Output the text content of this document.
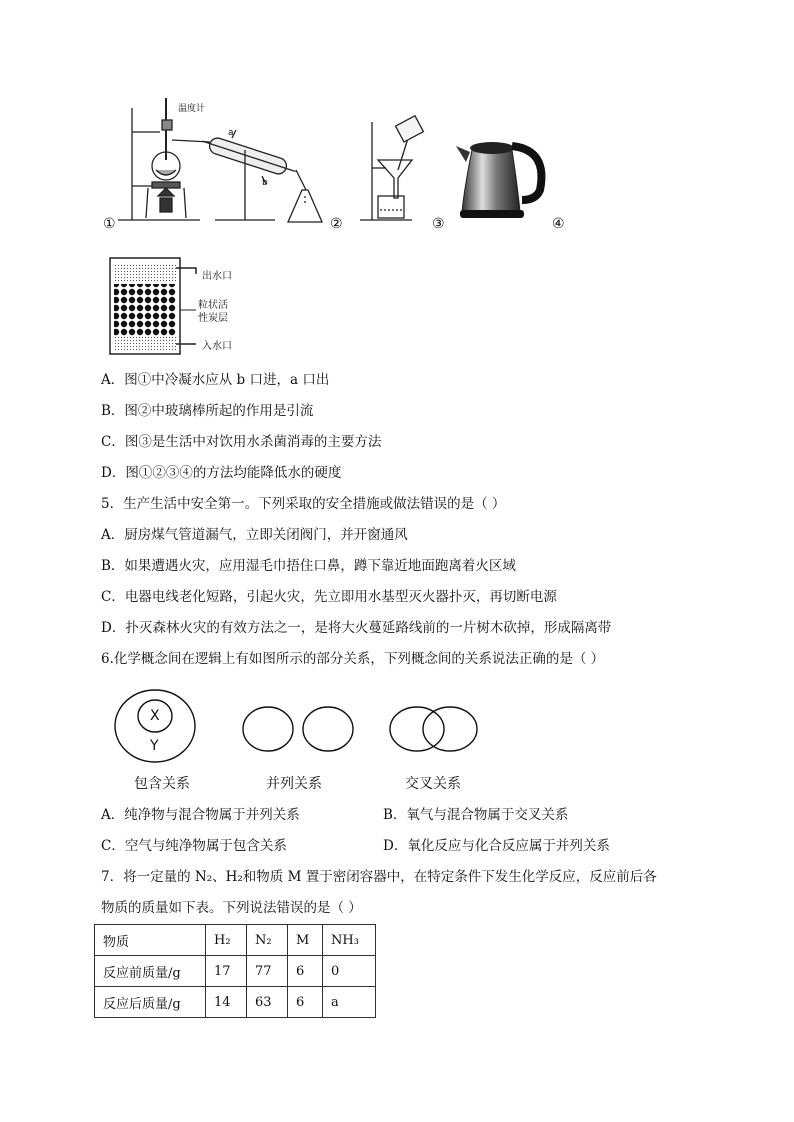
温度计
a
b
①	②	③	④
出水口
粒状活
性炭层
入水口
A．图①中冷凝水应从 b 口进，a 口出
B．图②中玻璃棒所起的作用是引流
C．图③是生活中对饮用水杀菌消毒的主要方法
D．图①②③④的方法均能降低水的硬度
5．生产生活中安全第一。下列采取的安全措施或做法错误的是（ ）
A．厨房煤气管道漏气，立即关闭阀门，并开窗通风
B．如果遭遇火灾，应用湿毛巾捂住口鼻，蹲下靠近地面跑离着火区域
C．电器电线老化短路，引起火灾，先立即用水基型灭火器扑灭，再切断电源
D．扑灭森林火灾的有效方法之一，是将大火蔓延路线前的一片树木砍掉，形成隔离带
6.化学概念间在逻辑上有如图所示的部分关系，下列概念间的关系说法正确的是（ ）
X
Y
包含关系	并列关系	交叉关系
A．纯净物与混合物属于并列关系	B．氧气与混合物属于交叉关系
C．空气与纯净物属于包含关系	D．氧化反应与化合反应属于并列关系
7．将一定量的 N₂、H₂和物质 M 置于密闭容器中，在特定条件下发生化学反应，反应前后各
物质的质量如下表。下列说法错误的是（ ）
物质	H₂	N₂	M	NH₃
反应前质量/g	17	77	6	0
反应后质量/g	14	63	6	a
